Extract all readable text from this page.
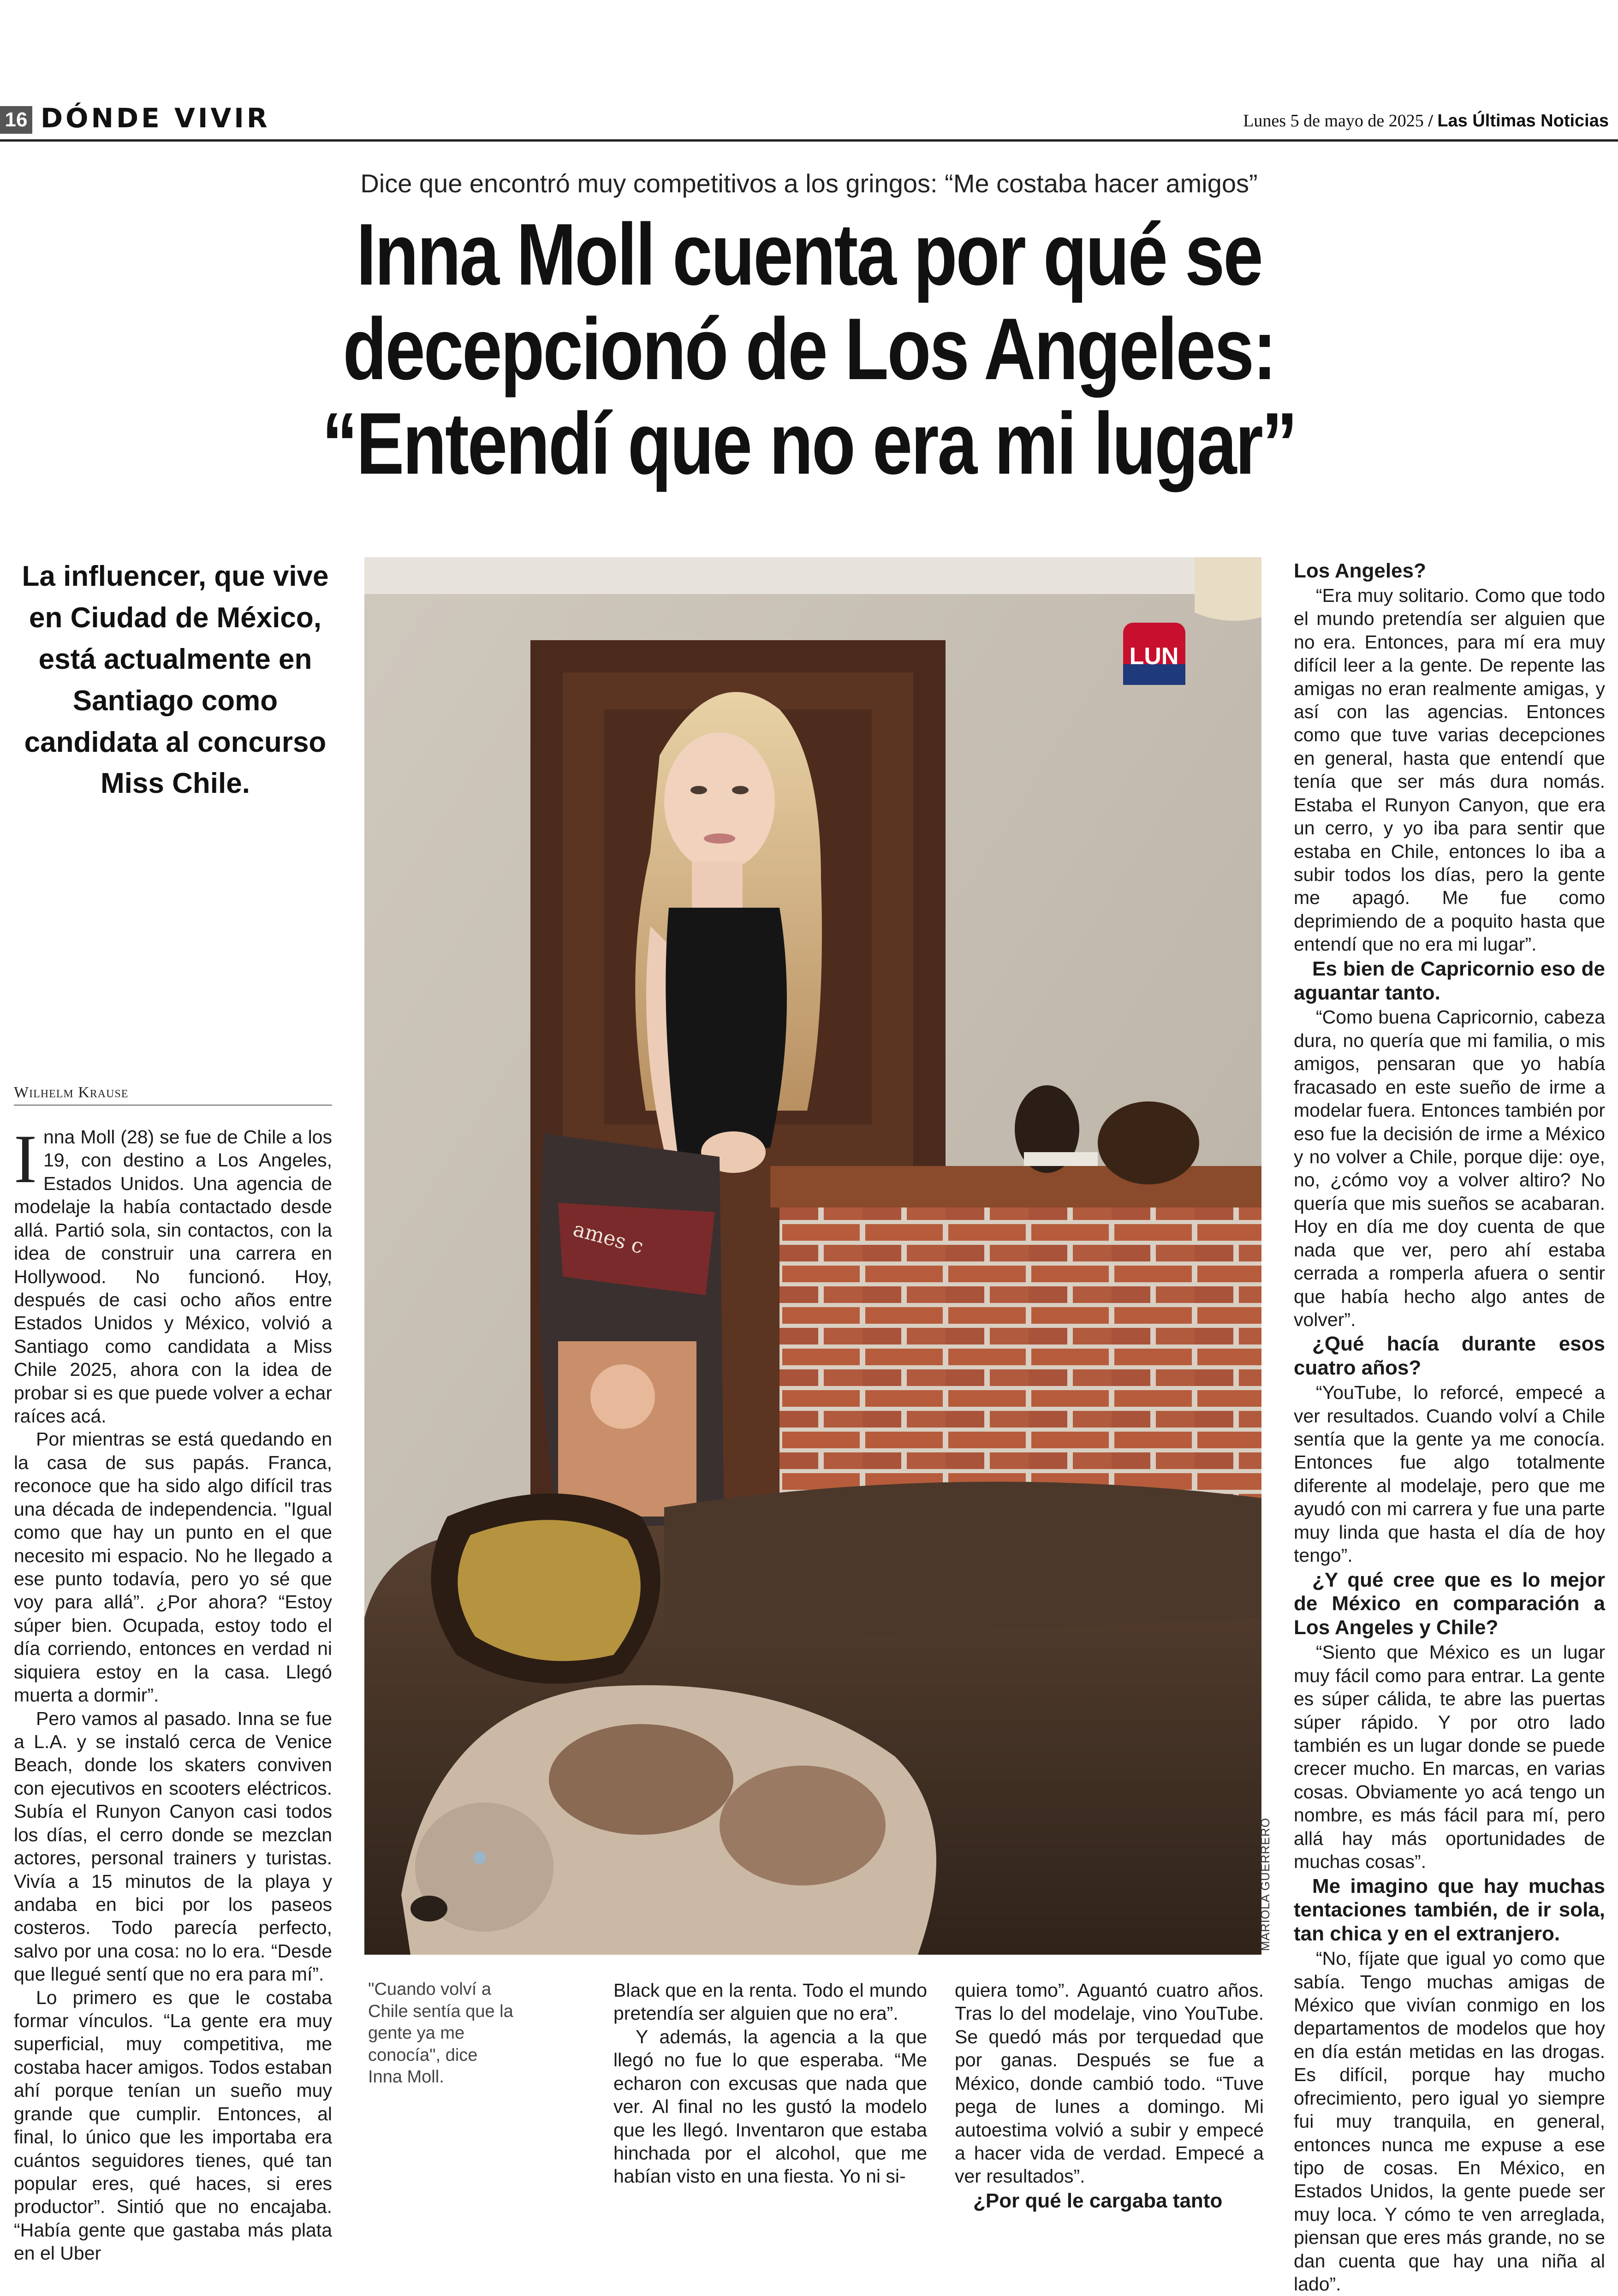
16 DÓNDE VIVIR	Lunes 5 de mayo de 2025 / Las Últimas Noticias
Dice que encontró muy competitivos a los gringos: “Me costaba hacer amigos”
Inna Moll cuenta por qué se
decepcionó de Los Angeles:
“Entendí que no era mi lugar”
La influencer, que vive en Ciudad de México, está actualmente en Santiago como candidata al concurso Miss Chile.
Wilhelm Krause
I nna Moll (28) se fue de Chile a los 19, con destino a Los Angeles, Estados Unidos. Una agencia de modelaje la había contactado desde allá. Partió sola, sin contactos, con la idea de construir una carrera en Hollywood. No funcionó. Hoy, después de casi ocho años entre Estados Unidos y México, volvió a Santiago como candidata a Miss Chile 2025, ahora con la idea de probar si es que puede volver a echar raíces acá.

Por mientras se está quedando en la casa de sus papás. Franca, reconoce que ha sido algo difícil tras una década de independencia. "Igual como que hay un punto en el que necesito mi espacio. No he llegado a ese punto todavía, pero yo sé que voy para allá”. ¿Por ahora? “Estoy súper bien. Ocupada, estoy todo el día corriendo, entonces en verdad ni siquiera estoy en la casa. Llegó muerta a dormir”.

Pero vamos al pasado. Inna se fue a L.A. y se instaló cerca de Venice Beach, donde los skaters conviven con ejecutivos en scooters eléctricos. Subía el Runyon Canyon casi todos los días, el cerro donde se mezclan actores, personal trainers y turistas. Vivía a 15 minutos de la playa y andaba en bici por los paseos costeros. Todo parecía perfecto, salvo por una cosa: no lo era. “Desde que llegué sentí que no era para mí”.

Lo primero es que le costaba formar vínculos. “La gente era muy superficial, muy competitiva, me costaba hacer amigos. Todos estaban ahí porque tenían un sueño muy grande que cumplir. Entonces, al final, lo único que les importaba era cuántos seguidores tienes, qué tan popular eres, qué haces, si eres productor”. Sintió que no encajaba. “Había gente que gastaba más plata en el Uber

ames c
LUN
MARIOLA GUERRERO
"Cuando volví a Chile sentía que la gente ya me conocía", dice Inna Moll.

Black que en la renta. Todo el mundo pretendía ser alguien que no era”.

Y además, la agencia a la que llegó no fue lo que esperaba. “Me echaron con excusas que nada que ver. Al final no les gustó la modelo que les llegó. Inventaron que estaba hinchada por el alcohol, que me habían visto en una fiesta. Yo ni si-

quiera tomo”. Aguantó cuatro años. Tras lo del modelaje, vino YouTube. Se quedó más por terquedad que por ganas. Después se fue a México, donde cambió todo. “Tuve pega de lunes a domingo. Mi autoestima volvió a subir y empecé a hacer vida de verdad. Empecé a ver resultados”.

¿Por qué le cargaba tanto

Los Angeles?

“Era muy solitario. Como que todo el mundo pretendía ser alguien que no era. Entonces, para mí era muy difícil leer a la gente. De repente las amigas no eran realmente amigas, y así con las agencias. Entonces como que tuve varias decepciones en general, hasta que entendí que tenía que ser más dura nomás. Estaba el Runyon Canyon, que era un cerro, y yo iba para sentir que estaba en Chile, entonces lo iba a subir todos los días, pero la gente me apagó. Me fue como deprimiendo de a poquito hasta que entendí que no era mi lugar”.

Es bien de Capricornio eso de aguantar tanto.

“Como buena Capricornio, cabeza dura, no quería que mi familia, o mis amigos, pensaran que yo había fracasado en este sueño de irme a modelar fuera. Entonces también por eso fue la decisión de irme a México y no volver a Chile, porque dije: oye, no, ¿cómo voy a volver altiro? No quería que mis sueños se acabaran. Hoy en día me doy cuenta de que nada que ver, pero ahí estaba cerrada a romperla afuera o sentir que había hecho algo antes de volver”.

¿Qué hacía durante esos cuatro años?

“YouTube, lo reforcé, empecé a ver resultados. Cuando volví a Chile sentía que la gente ya me conocía. Entonces fue algo totalmente diferente al modelaje, pero que me ayudó con mi carrera y fue una parte muy linda que hasta el día de hoy tengo”.

¿Y qué cree que es lo mejor de México en comparación a Los Angeles y Chile?

“Siento que México es un lugar muy fácil como para entrar. La gente es súper cálida, te abre las puertas súper rápido. Y por otro lado también es un lugar donde se puede crecer mucho. En marcas, en varias cosas. Obviamente yo acá tengo un nombre, es más fácil para mí, pero allá hay más oportunidades de muchas cosas”.

Me imagino que hay muchas tentaciones también, de ir sola, tan chica y en el extranjero.

“No, fíjate que igual yo como que sabía. Tengo muchas amigas de México que vivían conmigo en los departamentos de modelos que hoy en día están metidas en las drogas. Es difícil, porque hay mucho ofrecimiento, pero igual yo siempre fui muy tranquila, en general, entonces nunca me expuse a ese tipo de cosas. En México, en Estados Unidos, la gente puede ser muy loca. Y cómo te ven arreglada, piensan que eres más grande, no se dan cuenta que hay una niña al lado”.
